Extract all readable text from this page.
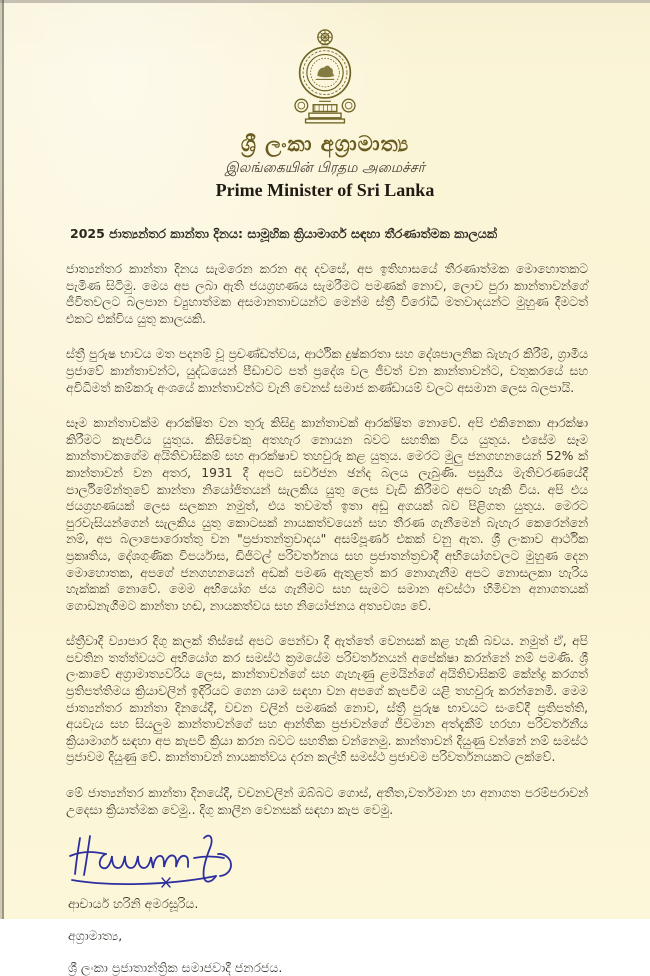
ශ්‍රී ලංකා අග්‍රාමාත්‍ය
இலங்கையின் பிரதம அமைச்சர்
Prime Minister of Sri Lanka
2025 ජාත්‍යන්තර කාන්තා දිනය: සාමූහික ක්‍රියාමාර්ග සඳහා තීරණාත්මක කාලයක්

ජාත්‍යන්තර කාන්තා දිනය සැමරෙන කරන අද දවසේ, අප ඉතිහාසයේ තීරණාත්මක මොහොතකට පැමිණ සිටිමු. මෙය අප ලබා ඇති ජයග්‍රහණය සැමරීමට පමණක් නොව, ලොව පුරා කාන්තාවන්ගේ ජීවිතවලට බලපාන ව්‍යුහාත්මක අසමානතාවයන්ට මෙන්ම ස්ත්‍රී විරෝධී මතවාදයන්ට මුහුණ දීමටත් එකට එක්විය යුතු කාලයකි.

ස්ත්‍රී පුරුෂ භාවය මත පදනම් වූ ප්‍රචණ්ඩත්වය, ආර්ථික දුෂ්කරතා සහ දේශපාලනික බැහැර කිරීම්, ග්‍රාමීය ප්‍රජාවේ කාන්තාවන්ට, යුද්ධයෙන් පීඩාවට පත් ප්‍රදේශ වල ජීවත් වන කාන්තාවන්ට, වතුකරයේ සහ අවිධිමත් කම්කරු අංශයේ කාන්තාවන්ට වැනි වෙනස් සමාජ කණ්ඩායම් වලට අසමාන ලෙස බලපායි.

සෑම කාන්තාවක්ම ආරක්ෂිත වන තුරු කිසිදු කාන්තාවක් ආරක්ෂිත නොවේ. අපි එකිනෙකා ආරක්ෂා කිරීමට කැපවිය යුතුය. කිසිවෙකු අතහැර නොයන බවට සහතික විය යුතුය. එසේම සෑම කාන්තාවකගේම අයිතිවාසිකම් සහ ආරක්ෂාව තහවුරු කළ යුතුය. මෙරට මුලු ජනගහනයෙන් 52% ක් කාන්තාවන් වන අතර, 1931 දී අපට සර්වජන ඡන්ද බලය ලැබුණි. පසුගිය මැතිවරණයේදී පාර්ලිමේන්තුවේ කාන්තා නියෝජිතයන් සැලකිය යුතු ලෙස වැඩි කිරීමට අපට හැකි විය. අපි එය ජයග්‍රහණයක් ලෙස සලකන නමුත්, එය තවමත් ඉතා අඩු අගයක් බව පිළිගත යුතුය. මෙරට පුරවැසියන්ගෙන් සැලකිය යුතු කොටසක් නායකත්වයෙන් සහ තීරණ ගැනීමෙන් බැහැර කෙරෙන්නේ නම්, අප බලාපොරොත්තු වන "ප්‍රජාතන්ත්‍රවාදය" අසම්පූර්ණ එකක් වනු ඇත. ශ්‍රී ලංකාව ආර්ථික ප්‍රකෘතිය, දේශගුණික විපර්යාස, ඩිජිටල් පරිවර්තනය සහ ප්‍රජාතන්ත්‍රවාදී අභියෝගවලට මුහුණ දෙන මොහොතක, අපගේ ජනගහනයෙන් අඩක් පමණ ඇතුළත් කර නොගැනීම අපට නොසලකා හැරිය හැක්කක් නොවේ. මෙම අභියෝග ජය ගැනීමට සහ සැමට සමාන අවස්ථා හිමිවන අනාගතයක් ගොඩනැගීමට කාන්තා හඬ, නායකත්වය සහ නියෝජනය අත්‍යවශ්‍ය වේ.

ස්ත්‍රීවාදී ව්‍යාපාර දිගු කලක් තිස්සේ අපට පෙන්වා දී ඇත්තේ වෙනසක් කළ හැකි බවය. නමුත් ඒ, අපි පවතින තත්ත්වයට අභියෝග කර සමස්ථ ක්‍රමයේම පරිවර්තනයන් අපේක්ෂා කරන්නේ නම් පමණි. ශ්‍රී ලංකාවේ අග්‍රාමාත්‍යවරිය ලෙස, කාන්තාවන්ගේ සහ ගැහැණු ළමයින්ගේ අයිතිවාසිකම් කේන්ද්‍ර කරගත් ප්‍රතිපත්තිමය ක්‍රියාවලින් ඉදිරියට ගෙන යාම සඳහා වන අපගේ කැපවීම යළි තහවුරු කරන්නෙමි. මෙම ජාත්‍යන්තර කාන්තා දිනයේදී, වචන වලින් පමණක් නොව, ස්ත්‍රී පුරුෂ භාවයට සංවේදී ප්‍රතිපත්ති, අයවැය සහ සියලුම කාන්තාවන්ගේ සහ ආන්තික ප්‍රජාවන්ගේ ජීවමාන අත්දැකීම් හරහා පරිවර්තනීය ක්‍රියාමාර්ග සඳහා අප කැපවී ක්‍රියා කරන බවට සහතික වන්නෙමු. කාන්තාවන් දියුණු වන්නේ නම් සමස්ථ ප්‍රජාවම දියුණු වේ. කාන්තාවන් නායකත්වය දරන කල්හි සමස්ථ ප්‍රජාවම පරිවර්තනයකට ලක්වේ.

මේ ජාත්‍යන්තර කාන්තා දිනයේදී, වචනවලින් ඔබ්බට ගොස්, අතීත,වර්තමාන හා අනාගත පරම්පරාවන් උදෙසා ක්‍රියාත්මක වෙමු.. දිගු කාලීන වෙනසක් සඳහා කැප වෙමු.

ආචාර්ය හරිනි අමරසූරිය.
අග්‍රාමාත්‍ය,
ශ්‍රී ලංකා ප්‍රජාතාන්ත්‍රික සමාජවාදී ජනරජය.
